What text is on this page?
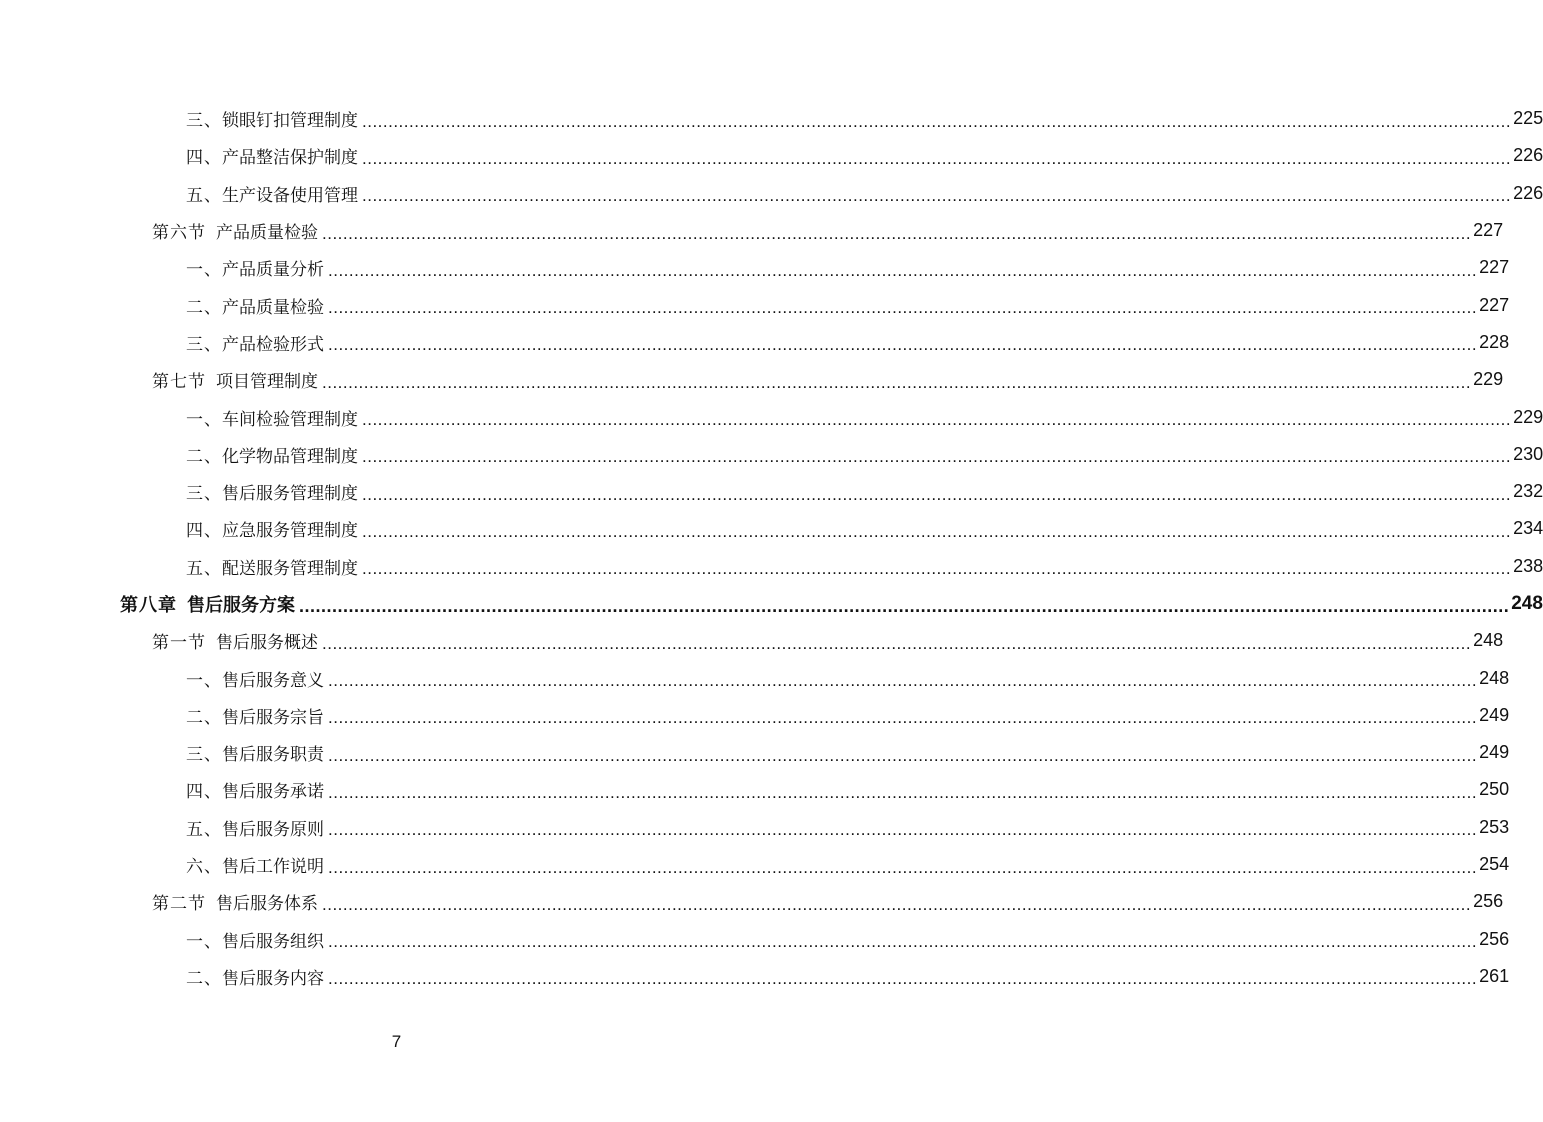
三、锁眼钉扣管理制度 ............................................................................................................................................................................................................................ 225
四、产品整洁保护制度 ............................................................................................................................................................................................................................ 226
五、生产设备使用管理 ............................................................................................................................................................................................................................ 226
第六节 产品质量检验 ............................................................................................................................................................................................................................ 227
一、产品质量分析 ............................................................................................................................................................................................................................ 227
二、产品质量检验 ............................................................................................................................................................................................................................ 227
三、产品检验形式 ............................................................................................................................................................................................................................ 228
第七节 项目管理制度 ............................................................................................................................................................................................................................ 229
一、车间检验管理制度 ............................................................................................................................................................................................................................ 229
二、化学物品管理制度 ............................................................................................................................................................................................................................ 230
三、售后服务管理制度 ............................................................................................................................................................................................................................ 232
四、应急服务管理制度 ............................................................................................................................................................................................................................ 234
五、配送服务管理制度 ............................................................................................................................................................................................................................ 238
第八章 售后服务方案 ............................................................................................................................................................................................................................ 248
第一节 售后服务概述 ............................................................................................................................................................................................................................ 248
一、售后服务意义 ............................................................................................................................................................................................................................ 248
二、售后服务宗旨 ............................................................................................................................................................................................................................ 249
三、售后服务职责 ............................................................................................................................................................................................................................ 249
四、售后服务承诺 ............................................................................................................................................................................................................................ 250
五、售后服务原则 ............................................................................................................................................................................................................................ 253
六、售后工作说明 ............................................................................................................................................................................................................................ 254
第二节 售后服务体系 ............................................................................................................................................................................................................................ 256
一、售后服务组织 ............................................................................................................................................................................................................................ 256
二、售后服务内容 ............................................................................................................................................................................................................................ 261
7
